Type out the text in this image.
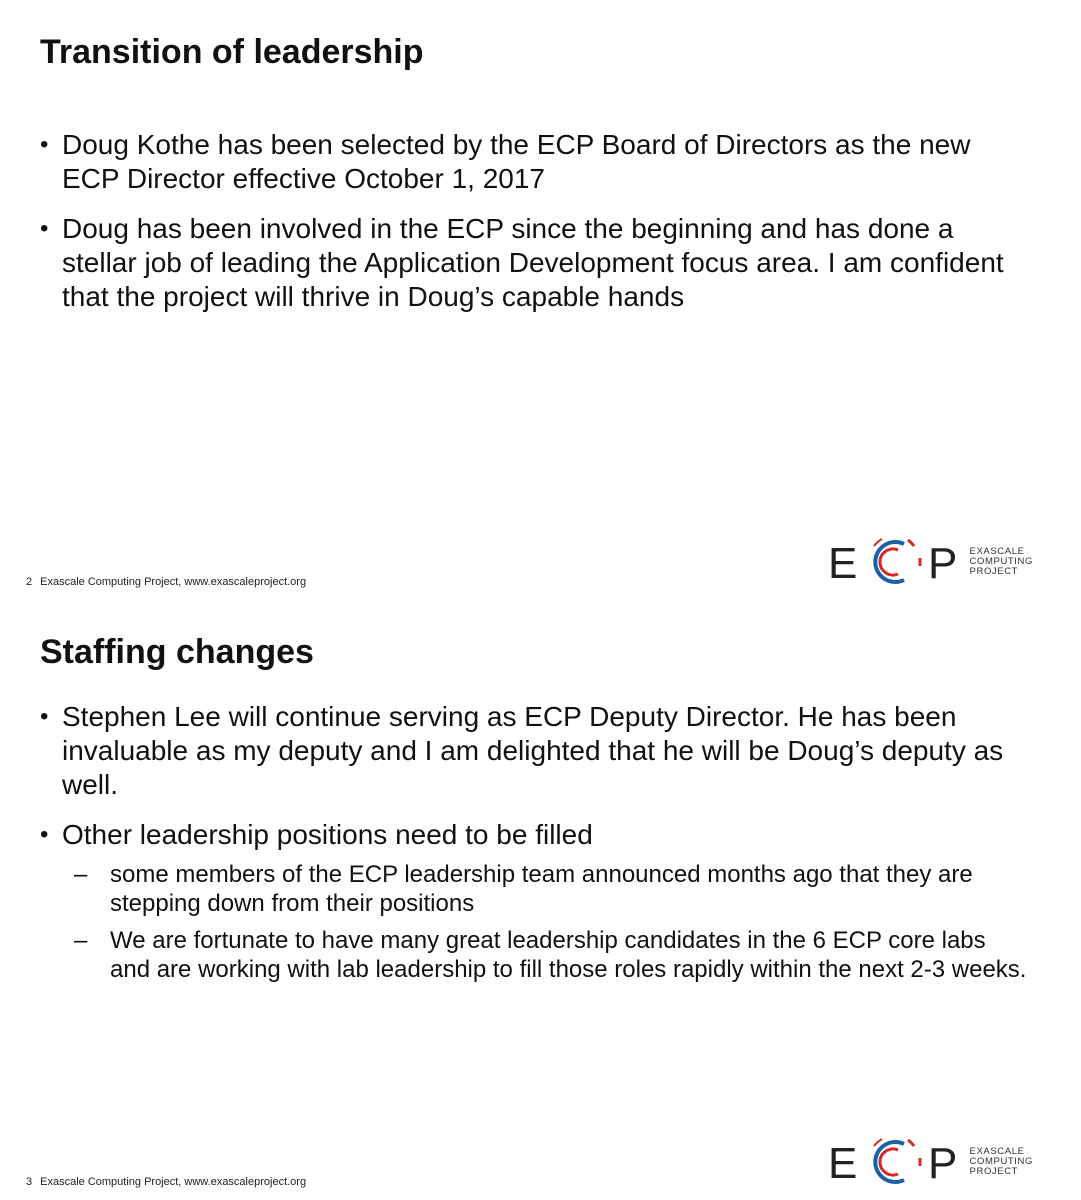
Transition of leadership
• Doug Kothe has been selected by the ECP Board of Directors as the new ECP Director effective October 1, 2017
• Doug has been involved in the ECP since the beginning and has done a stellar job of leading the Application Development focus area. I am confident that the project will thrive in Doug’s capable hands
2 Exascale Computing Project, www.exascaleproject.org	E P EXASCALE
COMPUTING
PROJECT
Staffing changes
• Stephen Lee will continue serving as ECP Deputy Director. He has been invaluable as my deputy and I am delighted that he will be Doug’s deputy as well.
• Other leadership positions need to be filled
– some members of the ECP leadership team announced months ago that they are stepping down from their positions
– We are fortunate to have many great leadership candidates in the 6 ECP core labs and are working with lab leadership to fill those roles rapidly within the next 2-3 weeks.
3 Exascale Computing Project, www.exascaleproject.org	E P EXASCALE
COMPUTING
PROJECT
